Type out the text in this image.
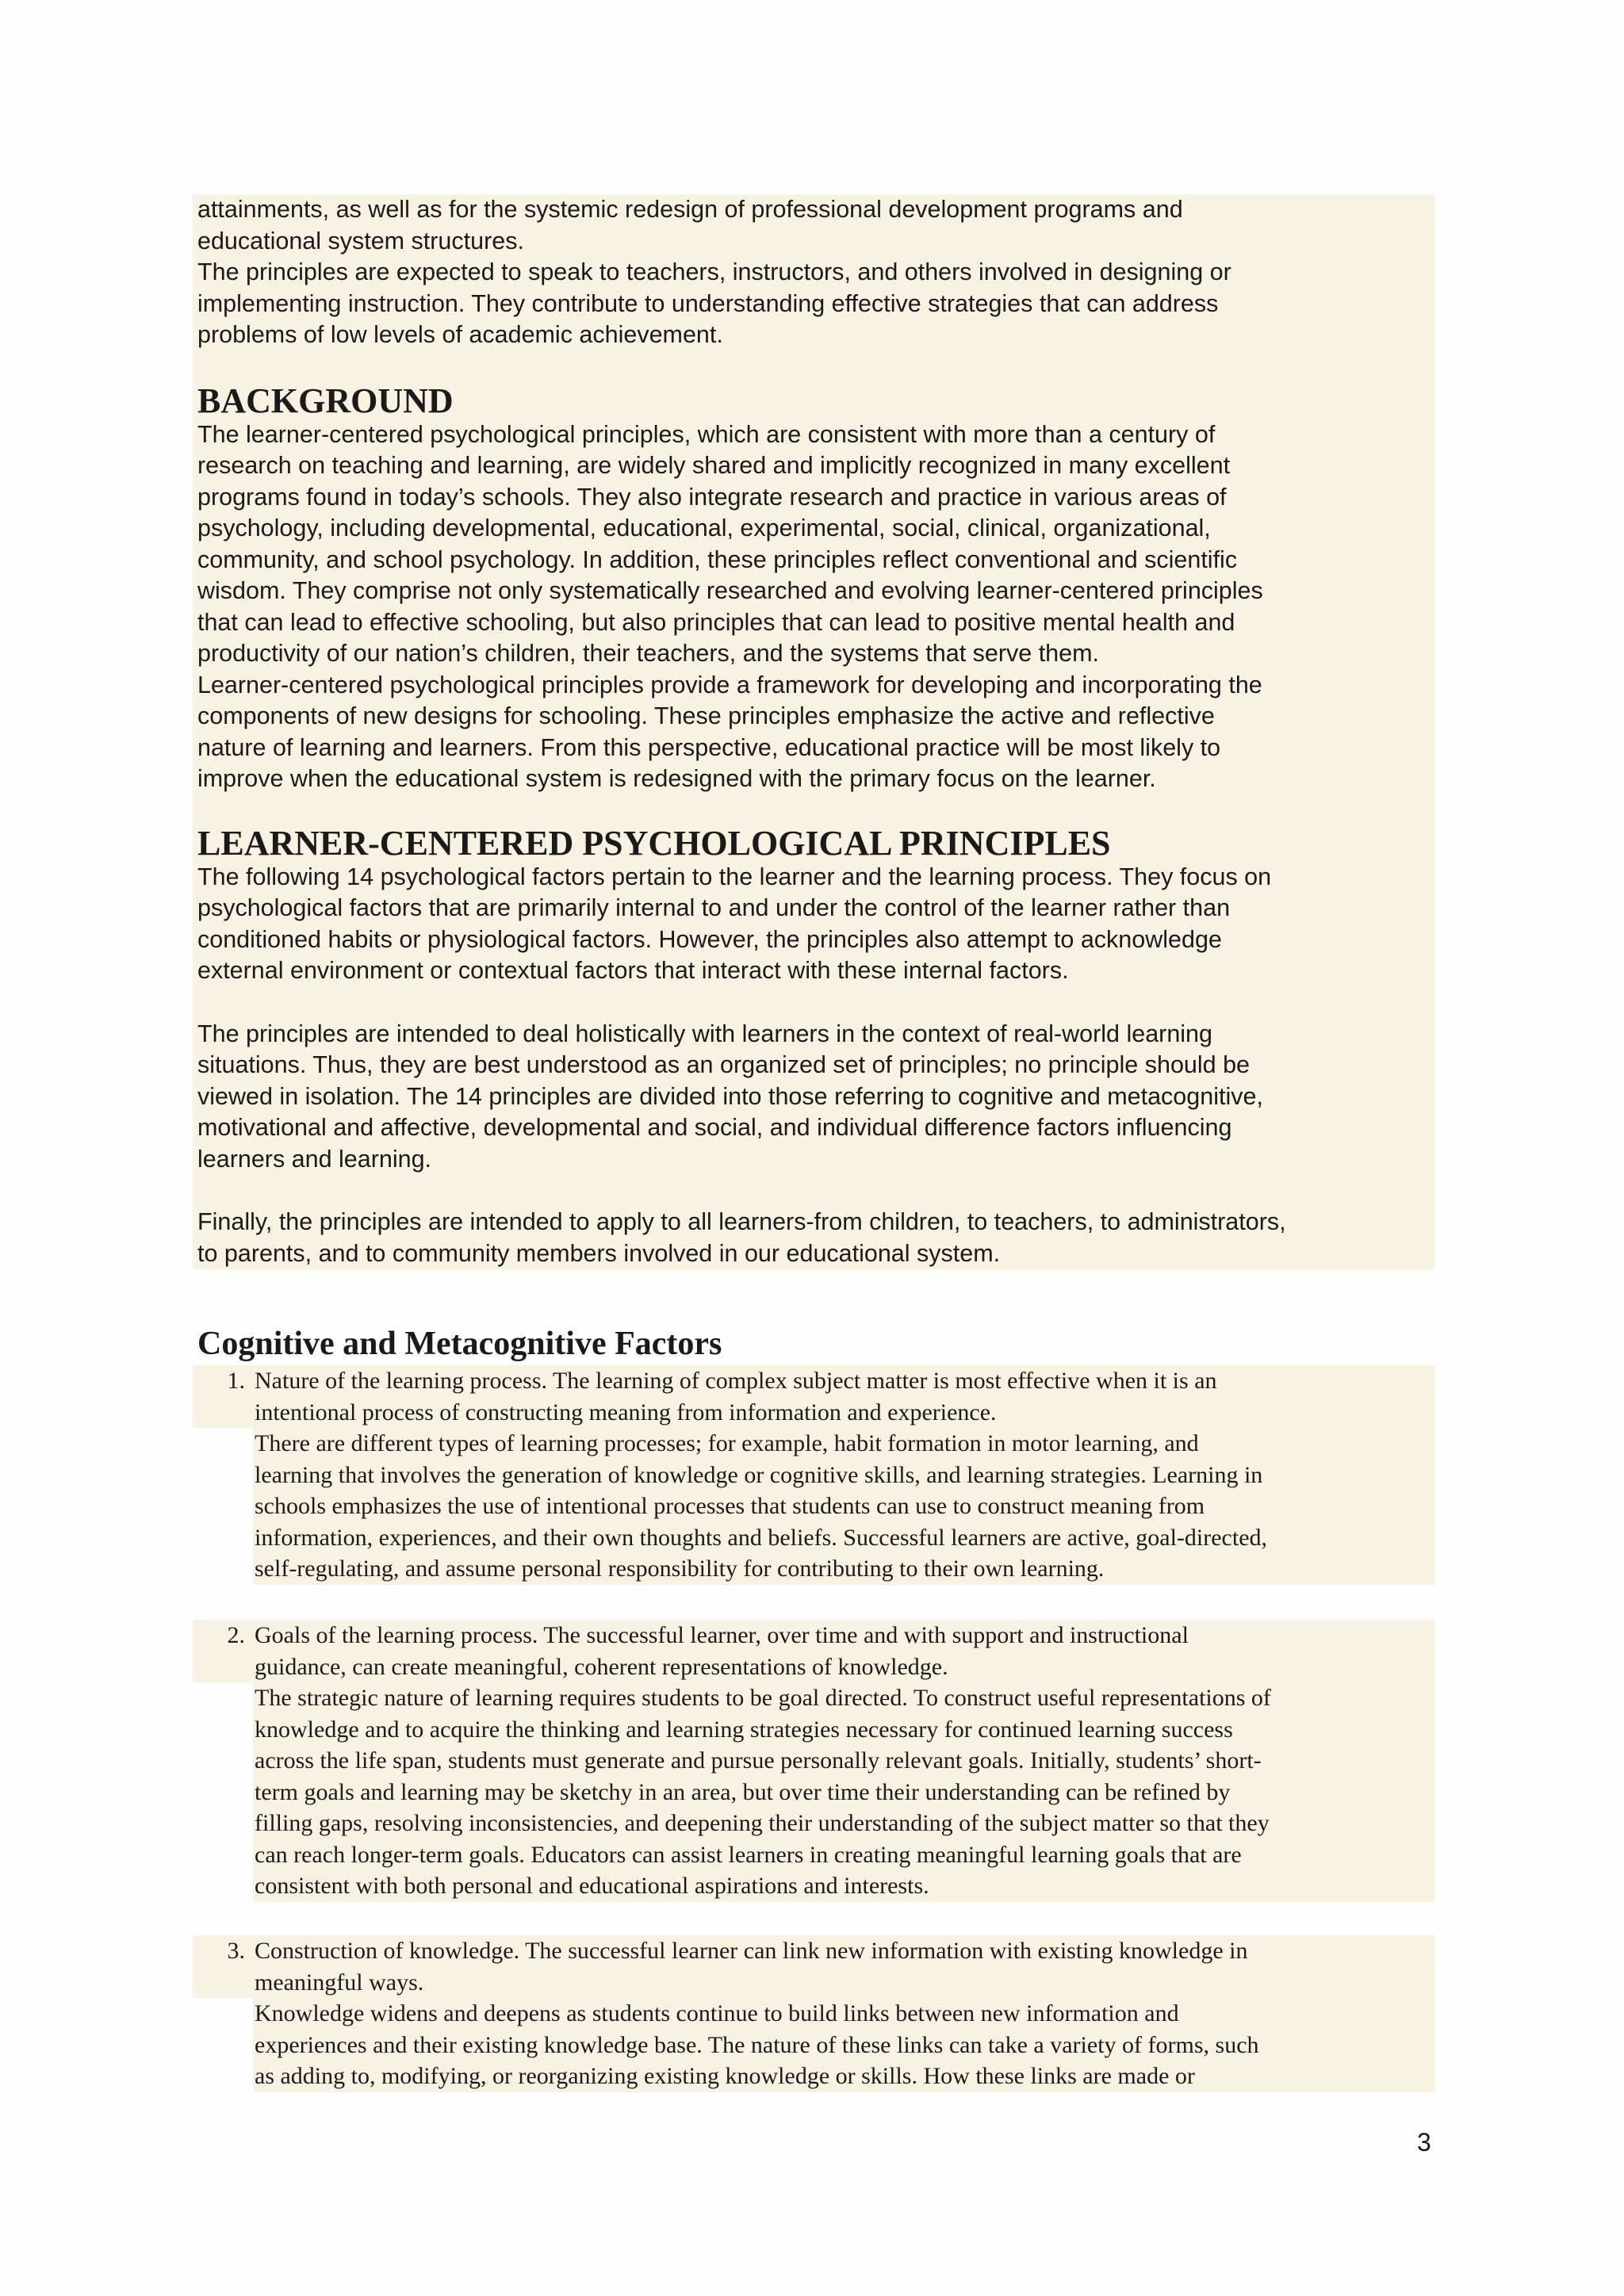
attainments, as well as for the systemic redesign of professional development programs and

educational system structures.

The principles are expected to speak to teachers, instructors, and others involved in designing or

implementing instruction. They contribute to understanding effective strategies that can address

problems of low levels of academic achievement.

BACKGROUND

The learner-centered psychological principles, which are consistent with more than a century of

research on teaching and learning, are widely shared and implicitly recognized in many excellent

programs found in today’s schools. They also integrate research and practice in various areas of

psychology, including developmental, educational, experimental, social, clinical, organizational,

community, and school psychology. In addition, these principles reflect conventional and scientific

wisdom. They comprise not only systematically researched and evolving learner-centered principles

that can lead to effective schooling, but also principles that can lead to positive mental health and

productivity of our nation’s children, their teachers, and the systems that serve them.

Learner-centered psychological principles provide a framework for developing and incorporating the

components of new designs for schooling. These principles emphasize the active and reflective

nature of learning and learners. From this perspective, educational practice will be most likely to

improve when the educational system is redesigned with the primary focus on the learner.

LEARNER-CENTERED PSYCHOLOGICAL PRINCIPLES

The following 14 psychological factors pertain to the learner and the learning process. They focus on

psychological factors that are primarily internal to and under the control of the learner rather than

conditioned habits or physiological factors. However, the principles also attempt to acknowledge

external environment or contextual factors that interact with these internal factors.

The principles are intended to deal holistically with learners in the context of real-world learning

situations. Thus, they are best understood as an organized set of principles; no principle should be

viewed in isolation. The 14 principles are divided into those referring to cognitive and metacognitive,

motivational and affective, developmental and social, and individual difference factors influencing

learners and learning.

Finally, the principles are intended to apply to all learners-from children, to teachers, to administrators,

to parents, and to community members involved in our educational system.

Cognitive and Metacognitive Factors
1. Nature of the learning process. The learning of complex subject matter is most effective when it is an

intentional process of constructing meaning from information and experience.

There are different types of learning processes; for example, habit formation in motor learning, and

learning that involves the generation of knowledge or cognitive skills, and learning strategies. Learning in

schools emphasizes the use of intentional processes that students can use to construct meaning from

information, experiences, and their own thoughts and beliefs. Successful learners are active, goal-directed,

self-regulating, and assume personal responsibility for contributing to their own learning.

2. Goals of the learning process. The successful learner, over time and with support and instructional

guidance, can create meaningful, coherent representations of knowledge.

The strategic nature of learning requires students to be goal directed. To construct useful representations of

knowledge and to acquire the thinking and learning strategies necessary for continued learning success

across the life span, students must generate and pursue personally relevant goals. Initially, students’ short-

term goals and learning may be sketchy in an area, but over time their understanding can be refined by

filling gaps, resolving inconsistencies, and deepening their understanding of the subject matter so that they

can reach longer-term goals. Educators can assist learners in creating meaningful learning goals that are

consistent with both personal and educational aspirations and interests.

3. Construction of knowledge. The successful learner can link new information with existing knowledge in

meaningful ways.

Knowledge widens and deepens as students continue to build links between new information and

experiences and their existing knowledge base. The nature of these links can take a variety of forms, such

as adding to, modifying, or reorganizing existing knowledge or skills. How these links are made or

3
